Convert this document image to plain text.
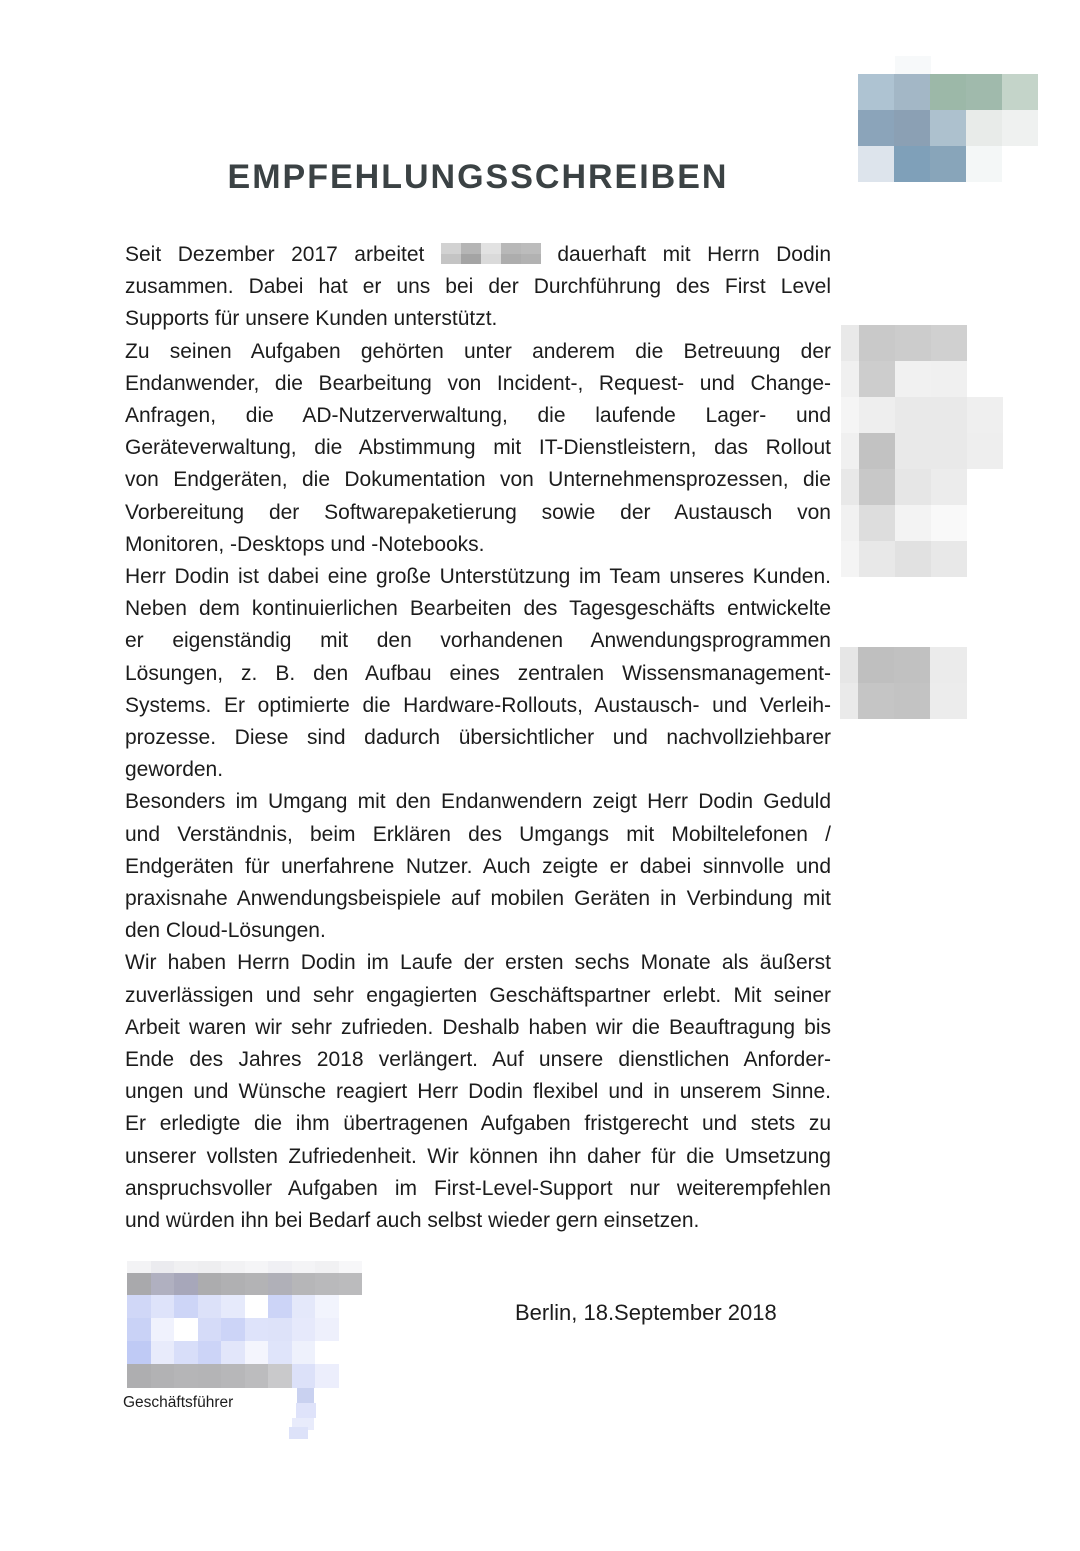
EMPFEHLUNGSSCHREIBEN
Seit Dezember 2017 arbeitet	dauerhaft mit Herrn Dodin
zusammen. Dabei hat er uns bei der Durchführung des First Level
Supports für unsere Kunden unterstützt.
Zu seinen Aufgaben gehörten unter anderem die Betreuung der
Endanwender, die Bearbeitung von Incident-, Request- und Change-
Anfragen, die AD-Nutzerverwaltung, die laufende Lager- und
Geräteverwaltung, die Abstimmung mit IT-Dienstleistern, das Rollout
von Endgeräten, die Dokumentation von Unternehmensprozessen, die
Vorbereitung der Softwarepaketierung sowie der Austausch von
Monitoren, -Desktops und -Notebooks.
Herr Dodin ist dabei eine große Unterstützung im Team unseres Kunden.
Neben dem kontinuierlichen Bearbeiten des Tagesgeschäfts entwickelte
er eigenständig mit den vorhandenen Anwendungsprogrammen
Lösungen, z. B. den Aufbau eines zentralen Wissensmanagement-
Systems. Er optimierte die Hardware-Rollouts, Austausch- und Verleih-
prozesse. Diese sind dadurch übersichtlicher und nachvollziehbarer
geworden.
Besonders im Umgang mit den Endanwendern zeigt Herr Dodin Geduld
und Verständnis, beim Erklären des Umgangs mit Mobiltelefonen /
Endgeräten für unerfahrene Nutzer. Auch zeigte er dabei sinnvolle und
praxisnahe Anwendungsbeispiele auf mobilen Geräten in Verbindung mit
den Cloud-Lösungen.
Wir haben Herrn Dodin im Laufe der ersten sechs Monate als äußerst
zuverlässigen und sehr engagierten Geschäftspartner erlebt. Mit seiner
Arbeit waren wir sehr zufrieden. Deshalb haben wir die Beauftragung bis
Ende des Jahres 2018 verlängert. Auf unsere dienstlichen Anforder-
ungen und Wünsche reagiert Herr Dodin flexibel und in unserem Sinne.
Er erledigte die ihm übertragenen Aufgaben fristgerecht und stets zu
unserer vollsten Zufriedenheit. Wir können ihn daher für die Umsetzung
anspruchsvoller Aufgaben im First-Level-Support nur weiterempfehlen
und würden ihn bei Bedarf auch selbst wieder gern einsetzen.
Berlin, 18.September 2018
Geschäftsführer
